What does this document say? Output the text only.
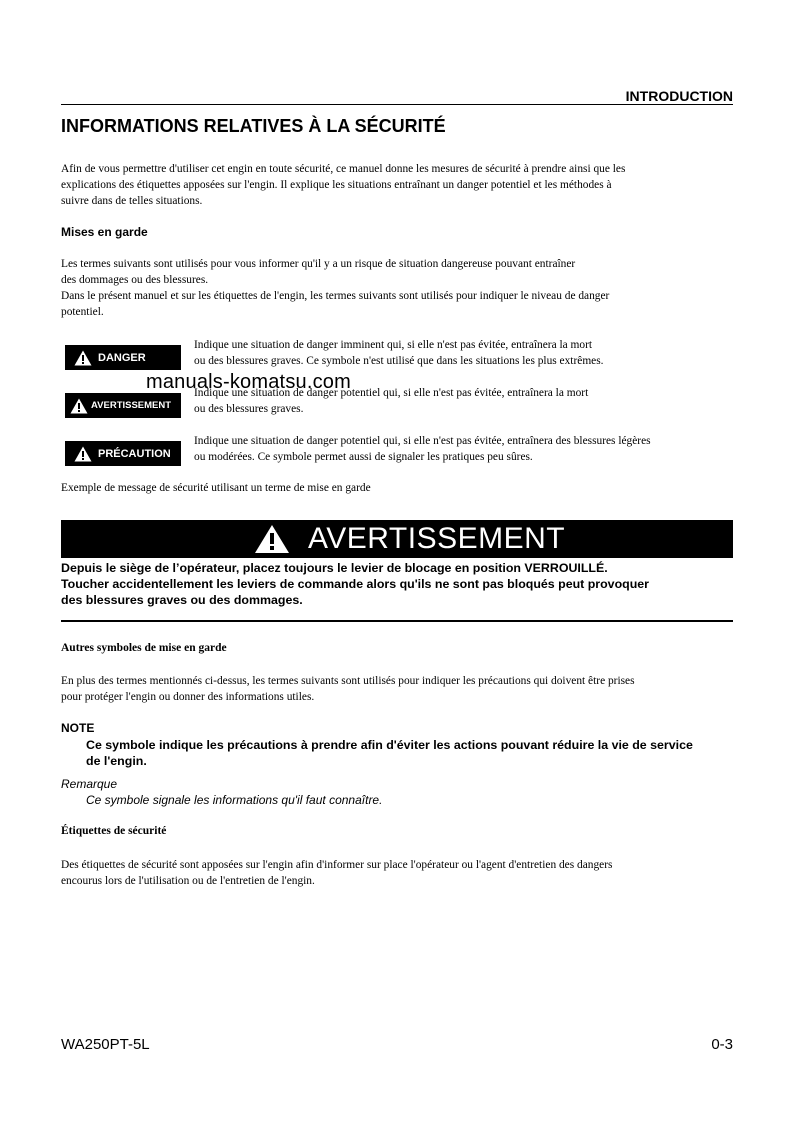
INTRODUCTION
INFORMATIONS RELATIVES À LA SÉCURITÉ
Afin de vous permettre d'utiliser cet engin en toute sécurité, ce manuel donne les mesures de sécurité à prendre ainsi que les
explications des étiquettes apposées sur l'engin. Il explique les situations entraînant un danger potentiel et les méthodes à
suivre dans de telles situations.
Mises en garde
Les termes suivants sont utilisés pour vous informer qu'il y a un risque de situation dangereuse pouvant entraîner
des dommages ou des blessures.
Dans le présent manuel et sur les étiquettes de l'engin, les termes suivants sont utilisés pour indiquer le niveau de danger
potentiel.
DANGER
Indique une situation de danger imminent qui, si elle n'est pas évitée, entraînera la mort
ou des blessures graves. Ce symbole n'est utilisé que dans les situations les plus extrêmes.
AVERTISSEMENT
Indique une situation de danger potentiel qui, si elle n'est pas évitée, entraînera la mort
ou des blessures graves.
PRÉCAUTION
Indique une situation de danger potentiel qui, si elle n'est pas évitée, entraînera des blessures légères
ou modérées. Ce symbole permet aussi de signaler les pratiques peu sûres.
manuals-komatsu.com
Exemple de message de sécurité utilisant un terme de mise en garde
AVERTISSEMENT
Depuis le siège de l’opérateur, placez toujours le levier de blocage en position VERROUILLÉ.
Toucher accidentellement les leviers de commande alors qu'ils ne sont pas bloqués peut provoquer
des blessures graves ou des dommages.
Autres symboles de mise en garde
En plus des termes mentionnés ci-dessus, les termes suivants sont utilisés pour indiquer les précautions qui doivent être prises
pour protéger l'engin ou donner des informations utiles.
NOTE
Ce symbole indique les précautions à prendre afin d'éviter les actions pouvant réduire la vie de service
de l'engin.
Remarque
Ce symbole signale les informations qu'il faut connaître.
Étiquettes de sécurité
Des étiquettes de sécurité sont apposées sur l'engin afin d'informer sur place l'opérateur ou l'agent d'entretien des dangers
encourus lors de l'utilisation ou de l'entretien de l'engin.
WA250PT-5L	0-3
